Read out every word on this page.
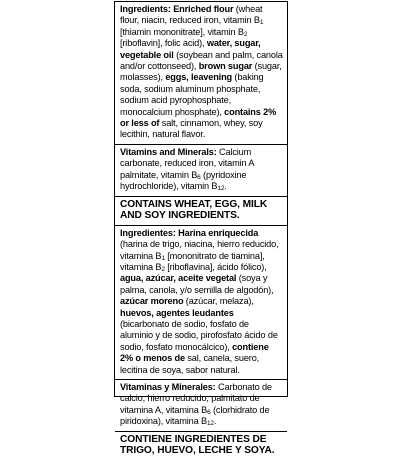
Ingredients: Enriched flour (wheat flour, niacin, reduced iron, vitamin $B_1$ [thiamin mononitrate], vitamin $B_2$ [riboflavin], folic acid), water, sugar, vegetable oil (soybean and palm, canola and/or cottonseed), brown sugar (sugar, molasses), eggs, leavening (baking soda, sodium aluminum phosphate, sodium acid pyrophosphate, monocalcium phosphate), contains 2% or less of salt, cinnamon, whey, soy lecithin, natural flavor.

Vitamins and Minerals: Calcium carbonate, reduced iron, vitamin A palmitate, vitamin $B_6$ (pyridoxine hydrochloride), vitamin $B_{12}$.

CONTAINS WHEAT, EGG, MILK AND SOY INGREDIENTS.

Ingredientes: Harina enriquecida (harina de trigo, niacina, hierro reducido, vitamina $B_1$ [mononitrato de tiamina], vitamina $B_2$ [riboflavina], ácido fólico), agua, azúcar, aceite vegetal (soya y palma, canola, y/o semilla de algodón), azúcar moreno (azúcar, melaza), huevos, agentes leudantes (bicarbonato de sodio, fosfato de aluminio y de sodio, pirofosfato ácido de sodio, fosfato monocálcico), contiene 2% o menos de sal, canela, suero, lecitina de soya, sabor natural.

Vitaminas y Minerales: Carbonato de calcio, hierro reducido, palmitato de vitamina A, vitamina $B_6$ (clorhidrato de piridoxina), vitamina $B_{12}$.

CONTIENE INGREDIENTES DE TRIGO, HUEVO, LECHE Y SOYA.
